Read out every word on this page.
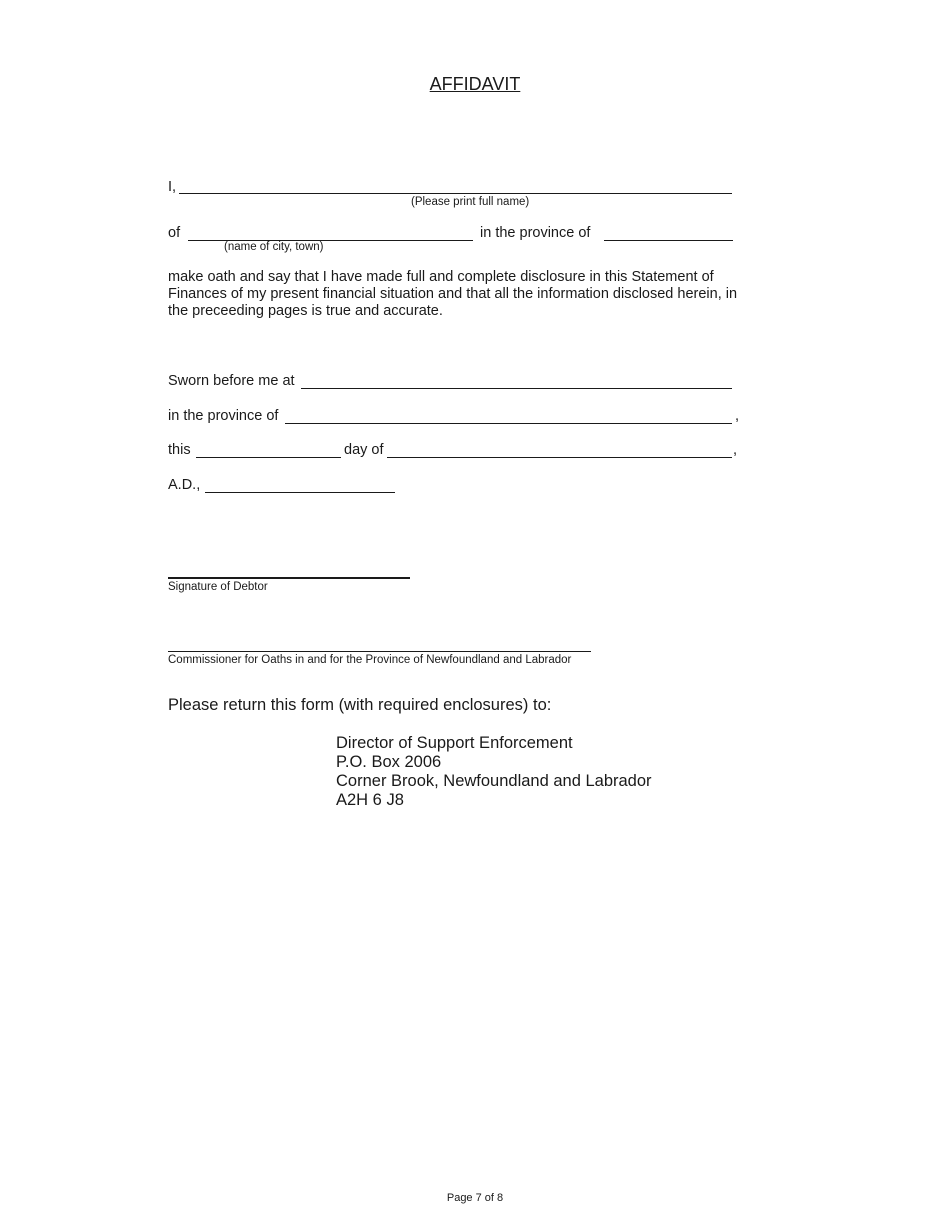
AFFIDAVIT
I,
(Please print full name)
of
(name of city, town)
in the province of
make oath and say that I have made full and complete disclosure in this Statement of Finances of my present financial situation and that all the information disclosed herein, in the preceeding pages is true and accurate.
Sworn before me at
in the province of	,
this	day of	,
A.D.,
Signature of Debtor
Commissioner for Oaths in and for the Province of Newfoundland and Labrador
Please return this form (with required enclosures) to:
Director of Support Enforcement
P.O. Box 2006
Corner Brook, Newfoundland and Labrador
A2H 6 J8
Page 7 of 8
